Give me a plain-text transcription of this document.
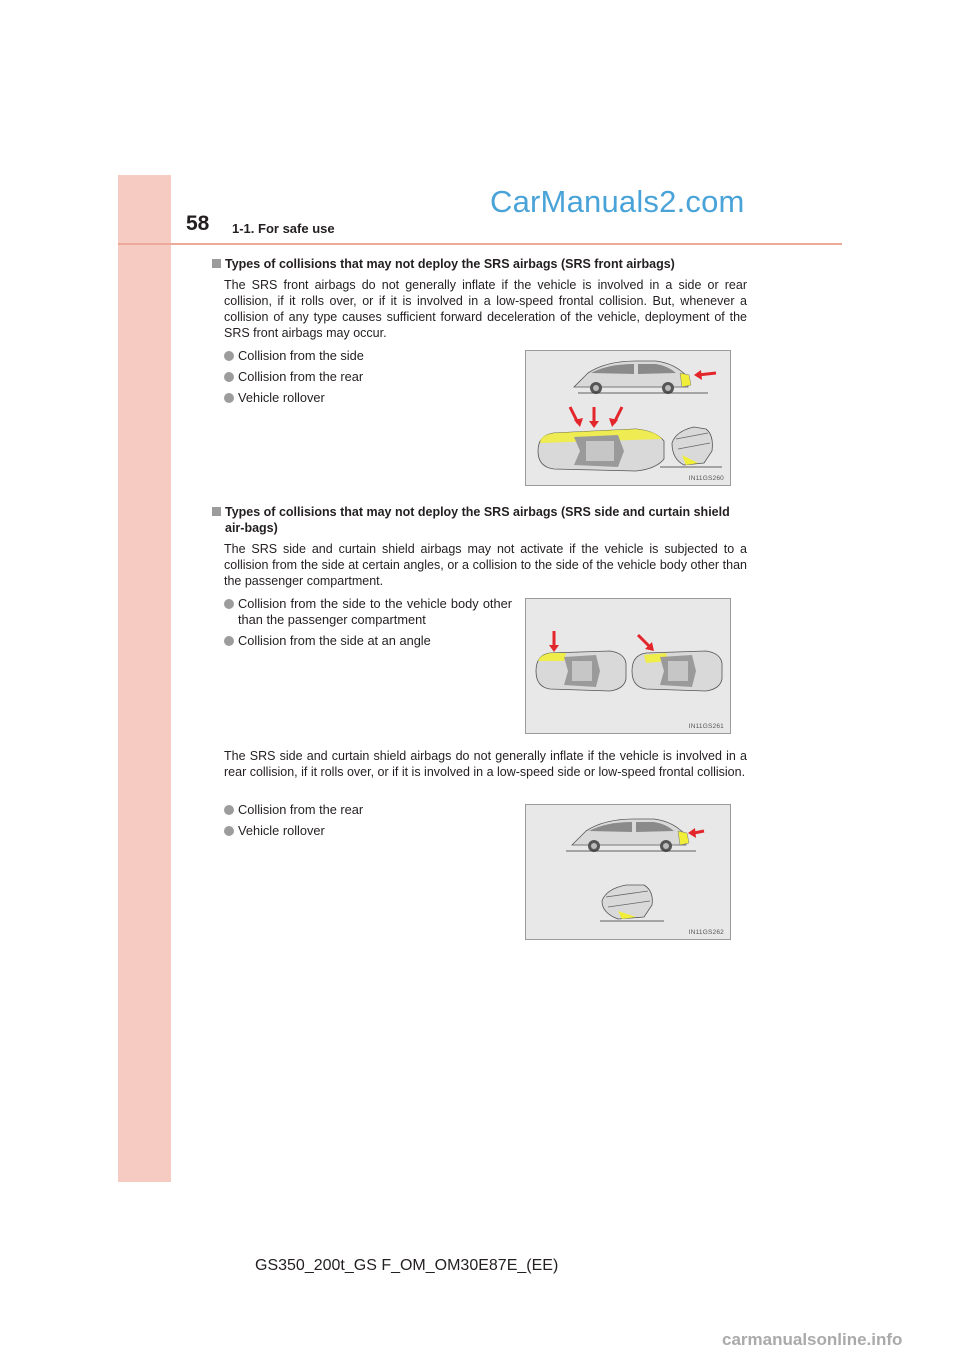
58 1-1. For safe use
CarManuals2.com

Types of collisions that may not deploy the SRS airbags (SRS front airbags)

The SRS front airbags do not generally inflate if the vehicle is involved in a side or rear collision, if it rolls over, or if it is involved in a low-speed frontal collision. But, whenever a collision of any type causes sufficient forward deceleration of the vehicle, deployment of the SRS front airbags may occur.

Collision from the side
Collision from the rear
Vehicle rollover
IN11GS260

Types of collisions that may not deploy the SRS airbags (SRS side and curtain shield air-bags)

The SRS side and curtain shield airbags may not activate if the vehicle is subjected to a collision from the side at certain angles, or a collision to the side of the vehicle body other than the passenger compartment.

Collision from the side to the vehicle body other than the passenger compartment
Collision from the side at an angle
IN11GS261

The SRS side and curtain shield airbags do not generally inflate if the vehicle is involved in a rear collision, if it rolls over, or if it is involved in a low-speed side or low-speed frontal collision.

Collision from the rear
Vehicle rollover
IN11GS262
GS350_200t_GS F_OM_OM30E87E_(EE)
carmanualsonline.info
